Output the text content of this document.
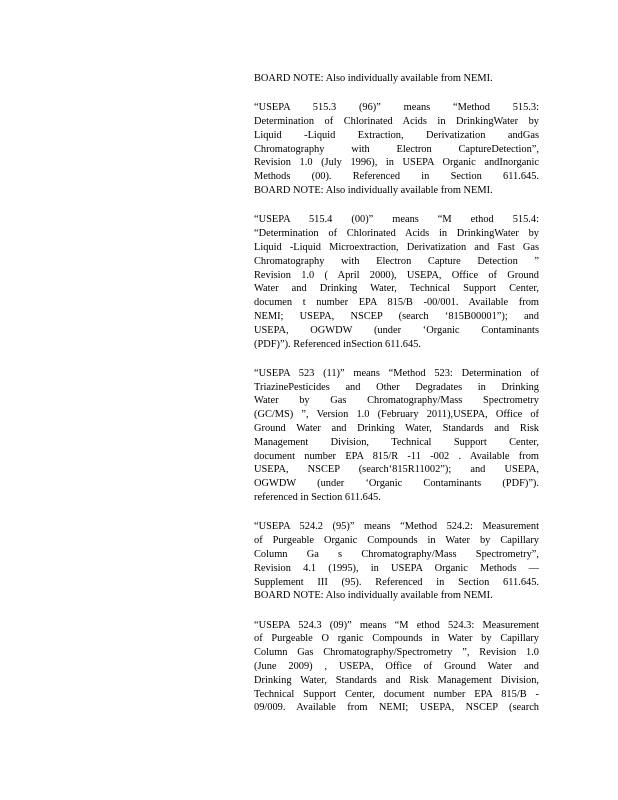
BOARD NOTE: Also individually available from NEMI.
“USEPA 515.3 (96)” means “Method 515.3:
Determination of Chlorinated Acids in DrinkingWater by
Liquid -Liquid Extraction, Derivatization andGas
Chromatography with Electron CaptureDetection”,
Revision 1.0 (July 1996), in USEPA Organic andInorganic
Methods (00). Referenced in Section 611.645.
BOARD NOTE: Also individually available from NEMI.
“USEPA 515.4 (00)” means “M ethod 515.4:
“Determination of Chlorinated Acids in DrinkingWater by
Liquid -Liquid Microextraction, Derivatization and Fast Gas
Chromatography with Electron Capture Detection ”
Revision 1.0 ( April 2000), USEPA, Office of Ground
Water and Drinking Water, Technical Support Center,
documen t number EPA 815/B -00/001. Available from
NEMI; USEPA, NSCEP (search ‘815B00001”); and
USEPA, OGWDW (under ‘Organic Contaminants
(PDF)”). Referenced inSection 611.645.
“USEPA 523 (11)” means “Method 523: Determination of
TriazinePesticides and Other Degradates in Drinking
Water by Gas Chromatography/Mass Spectrometry
(GC/MS) ”, Version 1.0 (February 2011),USEPA, Office of
Ground Water and Drinking Water, Standards and Risk
Management Division, Technical Support Center,
document number EPA 815/R -11 -002 . Available from
USEPA, NSCEP (search‘815R11002”); and USEPA,
OGWDW (under ‘Organic Contaminants (PDF)”).
referenced in Section 611.645.
“USEPA 524.2 (95)” means “Method 524.2: Measurement
of Purgeable Organic Compounds in Water by Capillary
Column Ga s Chromatography/Mass Spectrometry”,
Revision 4.1 (1995), in USEPA Organic Methods —
Supplement III (95). Referenced in Section 611.645.
BOARD NOTE: Also individually available from NEMI.
“USEPA 524.3 (09)” means “M ethod 524.3: Measurement
of Purgeable O rganic Compounds in Water by Capillary
Column Gas Chromatography/Spectrometry ”, Revision 1.0
(June 2009) , USEPA, Office of Ground Water and
Drinking Water, Standards and Risk Management Division,
Technical Support Center, document number EPA 815/B -
09/009. Available from NEMI; USEPA, NSCEP (search
